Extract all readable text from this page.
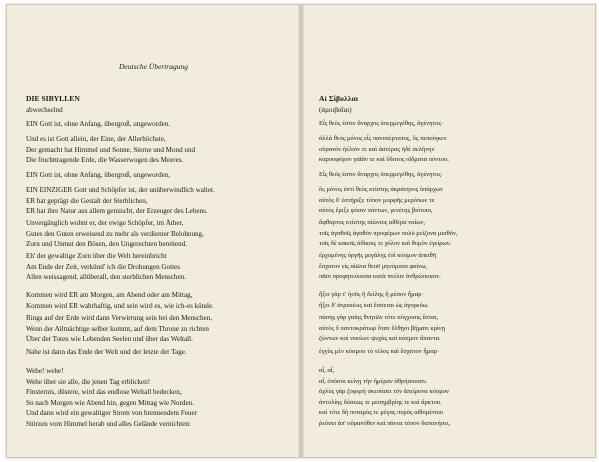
Deutsche Übertragung
DIE SIBYLLEN
abwechselnd
EIN Gott ist, ohne Anfang, übergroß, ungeworden.
Und es ist Gott allein, der Eine, der Allerhöchste,
Der gemacht hat Himmel und Sonne, Sterne und Mond und
Die fruchttragende Erde, die Wasserwogen des Meeres.
EIN Gott ist, ohne Anfang, übergroß, ungeworden,
EIN EINZIGER Gott und Schöpfer ist, der unüberwindlich waltet.
ER hat geprägt die Gestalt der Sterblichen,
ER hat ihre Natur aus allem gemischt, der Erzeuger des Lebens.
Unvergänglich wohnt er, der ewige Schöpfer, im Äther,
Gutes den Guten erweisend zu mehr als verdienter Belohnung,
Zorn und Unmut den Bösen, den Ungerechten bereitend.
Eh' der gewaltige Zorn über die Welt hereinbricht
Am Ende der Zeit, verkünd' ich die Drohungen Gottes
Allen weissagend, allüberall, den sterblichen Menschen.
Kommen wird ER am Morgen, am Abend oder am Mittag,
Kommen wird ER wahrhaftig, und sein wird es, wie ich-es künde.
Rings auf der Erde wird dann Verwirrung sein bei den Menschen,
Wenn der Allmächtige selber kommt, auf dem Throne zu richten
Über der Toten wie Lebenden Seelen und über das Weltall.
Nahe ist dann das Ende der Welt und der letzte der Tage.
Wehe! wehe!
Wehe über sie alle, die jenen Tag erblicken!
Finsternis, düstere, wird das endlose Weltall bedecken,
So nach Morgen wie Abend hin, gegen Mittag wie Norden.
Und dann wird ein gewaltiger Strom von brennendem Feuer
Stürzen vom Himmel herab und alles Gelände vernichten:
Αἱ Σίβυλλαι
(ἀμοιβαῖαι)
Εἷς θεὸς ἐστιν ἄναρχος ὑπερμεγέθης, ἀγένητος·
ἀλλὰ θεὸς μόνος εἷς πανυπέρτατος, ὃς πεποίηκεν
οὐρανὸν ἠέλιόν τε καὶ ἀστέρας ἠδὲ σελήνην
καρποφόρον γαῖάν τε καὶ ὕδατος οἴδματα πόντου.
Εἷς θεὸς ἐστιν ἄναρχος ὑπερμεγέθης, ἀγένητος·
ὃς μόνος ἐστὶ θεὸς κτίστης ἀκράτητος ὑπάρχων
αὐτὸς δ' ἐστήριξε τύπον μορφῆς μερόπων τε
αὐτὸς ἔμιξε φύσιν πάντων, γενέτης βιότοιο,
ἄφθαρτος κτίστης αἰώνιος αἰθέρα ναίων,
τοῖς ἀγαθοῖς ἀγαθὸν προφέρων πολὺ μείζονα μισθόν,
τοῖς δὲ κακοῖς ἀδίκοις τε χόλον καὶ θυμὸν ἐγείρων.
ἐρχομένης ὀργῆς μεγάλης ἐπὶ κόσμον ἀπειθῆ
ἔσχατον εἰς αἰῶνα θεοῦ μηνύματα φαίνω,
πᾶσι προφητεύουσα κατὰ πτόλιν ἀνθρώποισιν.
ἥξει γάρ τ' ἠοῦς ἢ δείλης ἢ μέσον ἦμαρ·
ἥξει δ' ἀτρεκέως καὶ ἔσσεται ὡς ἀγορεύω.
πάσης γὰρ γαίης θνητῶν τότε σύγχυσις ἔσται,
αὐτὸς ὅ παντοκράτωρ ὅταν ἔλθῃσι βήματι κρίνῃ
ζώντων καὶ νεκύων ψυχὰς καὶ κόσμον ἅπαντα.
ἐγγὺς μὲν κόσμου τὸ τέλος καὶ ἔσχατον ἦμαρ·
αἶ, αἶ,
αἶ, ὁπόσοι κείνῃ τὴν ἡμέραν ἀθρήσουσιν.
ἀχλὺς γὰρ ζοφερὴ σκεπάσει τὸν ἀπείρονα κόσμον
ἀντολίης δύσεως τε μεσημβρίης τε καὶ ἄρκτου.
καὶ τότε δὴ ποταμὸς τε μέγας πυρὸς αἰθομένοιο
ῥεύσει ἀπ' οὐρανόθεν καὶ πάντα τόπον δαπανήσει,
